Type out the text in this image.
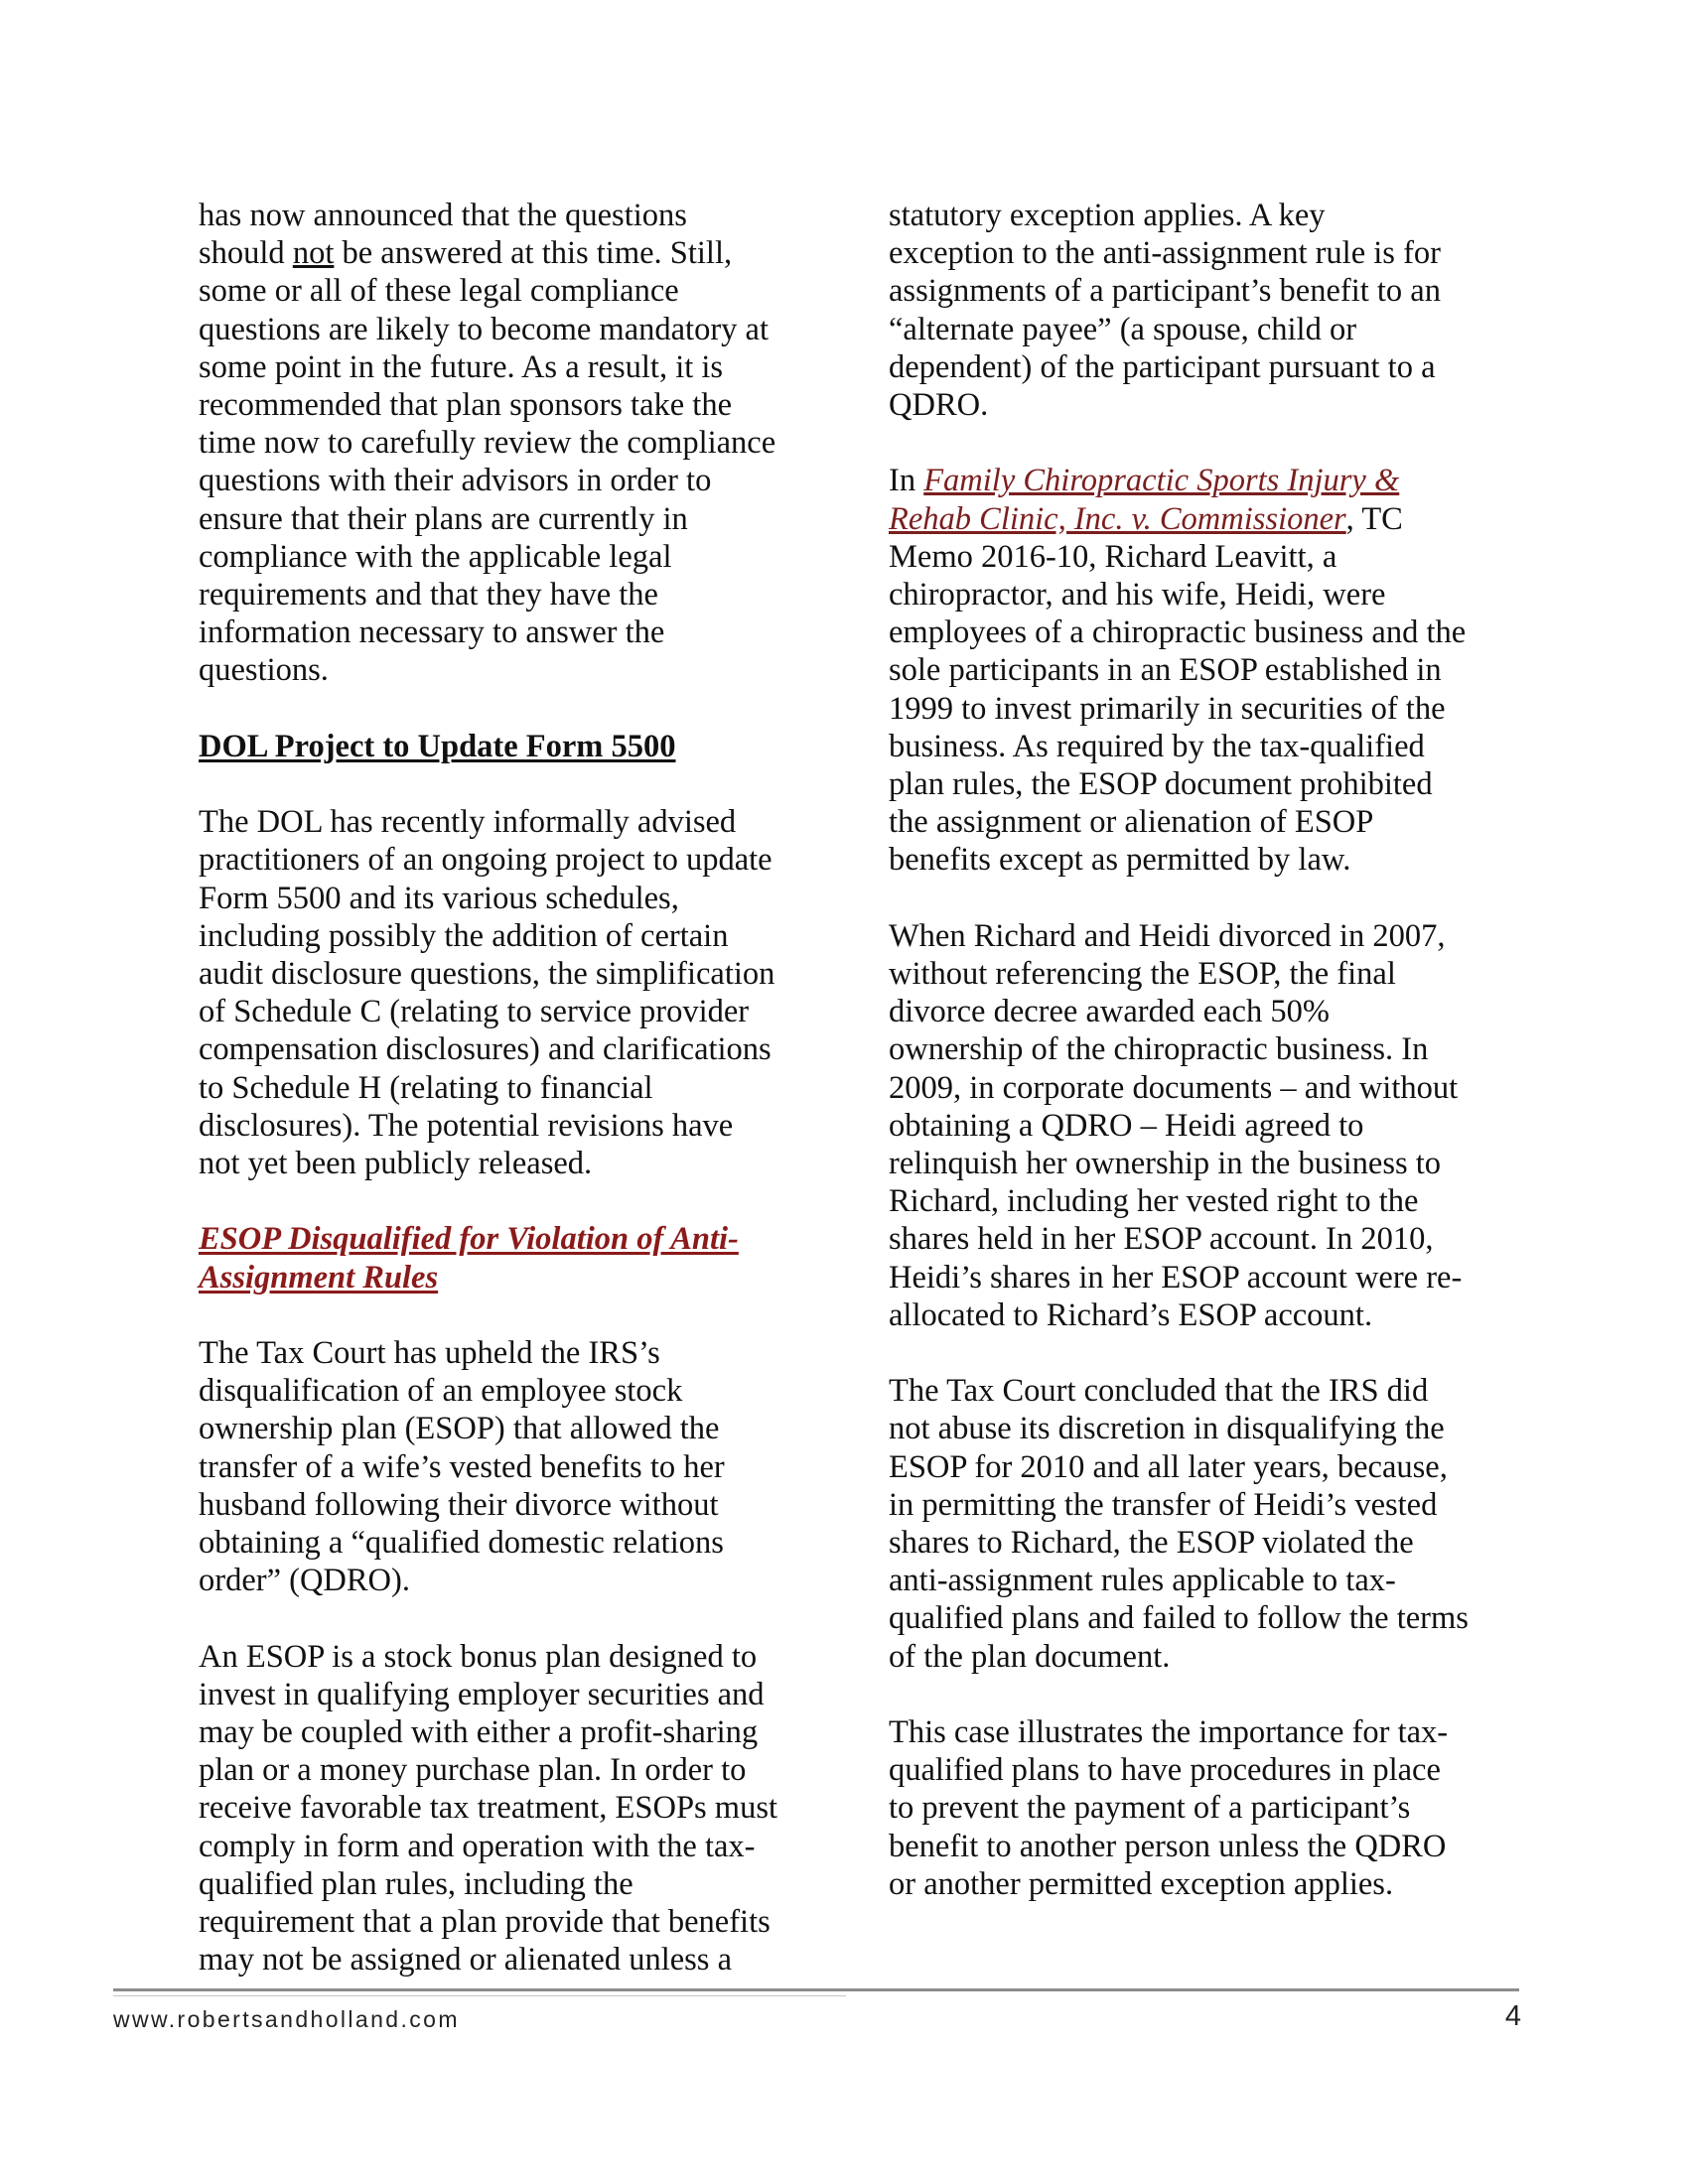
has now announced that the questions
should not be answered at this time. Still,
some or all of these legal compliance
questions are likely to become mandatory at
some point in the future. As a result, it is
recommended that plan sponsors take the
time now to carefully review the compliance
questions with their advisors in order to
ensure that their plans are currently in
compliance with the applicable legal
requirements and that they have the
information necessary to answer the
questions.
DOL Project to Update Form 5500
The DOL has recently informally advised
practitioners of an ongoing project to update
Form 5500 and its various schedules,
including possibly the addition of certain
audit disclosure questions, the simplification
of Schedule C (relating to service provider
compensation disclosures) and clarifications
to Schedule H (relating to financial
disclosures). The potential revisions have
not yet been publicly released.
ESOP Disqualified for Violation of Anti-
Assignment Rules
The Tax Court has upheld the IRS’s
disqualification of an employee stock
ownership plan (ESOP) that allowed the
transfer of a wife’s vested benefits to her
husband following their divorce without
obtaining a “qualified domestic relations
order” (QDRO).
An ESOP is a stock bonus plan designed to
invest in qualifying employer securities and
may be coupled with either a profit-sharing
plan or a money purchase plan. In order to
receive favorable tax treatment, ESOPs must
comply in form and operation with the tax-
qualified plan rules, including the
requirement that a plan provide that benefits
may not be assigned or alienated unless a
statutory exception applies. A key
exception to the anti-assignment rule is for
assignments of a participant’s benefit to an
“alternate payee” (a spouse, child or
dependent) of the participant pursuant to a
QDRO.
In Family Chiropractic Sports Injury &
Rehab Clinic, Inc. v. Commissioner, TC
Memo 2016-10, Richard Leavitt, a
chiropractor, and his wife, Heidi, were
employees of a chiropractic business and the
sole participants in an ESOP established in
1999 to invest primarily in securities of the
business. As required by the tax-qualified
plan rules, the ESOP document prohibited
the assignment or alienation of ESOP
benefits except as permitted by law.
When Richard and Heidi divorced in 2007,
without referencing the ESOP, the final
divorce decree awarded each 50%
ownership of the chiropractic business. In
2009, in corporate documents – and without
obtaining a QDRO – Heidi agreed to
relinquish her ownership in the business to
Richard, including her vested right to the
shares held in her ESOP account. In 2010,
Heidi’s shares in her ESOP account were re-
allocated to Richard’s ESOP account.
The Tax Court concluded that the IRS did
not abuse its discretion in disqualifying the
ESOP for 2010 and all later years, because,
in permitting the transfer of Heidi’s vested
shares to Richard, the ESOP violated the
anti-assignment rules applicable to tax-
qualified plans and failed to follow the terms
of the plan document.
This case illustrates the importance for tax-
qualified plans to have procedures in place
to prevent the payment of a participant’s
benefit to another person unless the QDRO
or another permitted exception applies.
www.robertsandholland.com	4
